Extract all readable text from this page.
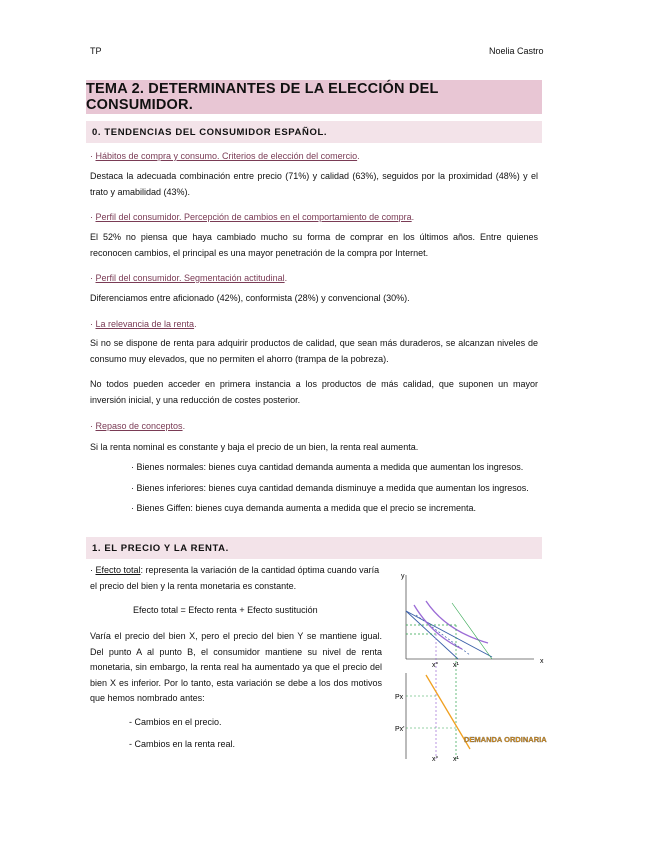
TP	Noelia Castro
TEMA 2. DETERMINANTES DE LA ELECCIÓN DEL CONSUMIDOR.
0. TENDENCIAS DEL CONSUMIDOR ESPAÑOL.
· Hábitos de compra y consumo. Criterios de elección del comercio.
Destaca la adecuada combinación entre precio (71%) y calidad (63%), seguidos por la proximidad (48%) y el trato y amabilidad (43%).
· Perfil del consumidor. Percepción de cambios en el comportamiento de compra.
El 52% no piensa que haya cambiado mucho su forma de comprar en los últimos años. Entre quienes reconocen cambios, el principal es una mayor penetración de la compra por Internet.
· Perfil del consumidor. Segmentación actitudinal.
Diferenciamos entre aficionado (42%), conformista (28%) y convencional (30%).
· La relevancia de la renta.
Si no se dispone de renta para adquirir productos de calidad, que sean más duraderos, se alcanzan niveles de consumo muy elevados, que no permiten el ahorro (trampa de la pobreza).
No todos pueden acceder en primera instancia a los productos de más calidad, que suponen un mayor inversión inicial, y una reducción de costes posterior.
· Repaso de conceptos.
Si la renta nominal es constante y baja el precio de un bien, la renta real aumenta.
· Bienes normales: bienes cuya cantidad demanda aumenta a medida que aumentan los ingresos.
· Bienes inferiores: bienes cuya cantidad demanda disminuye a medida que aumentan los ingresos.
· Bienes Giffen: bienes cuya demanda aumenta a medida que el precio se incrementa.
1. EL PRECIO Y LA RENTA.
· Efecto total: representa la variación de la cantidad óptima cuando varía el precio del bien y la renta monetaria es constante.
Efecto total = Efecto renta + Efecto sustitución
Varía el precio del bien X, pero el precio del bien Y se mantiene igual. Del punto A al punto B, el consumidor mantiene su nivel de renta monetaria, sin embargo, la renta real ha aumentado ya que el precio del bien X es inferior. Por lo tanto, esta variación se debe a los dos motivos que hemos nombrado antes:
- Cambios en el precio.
- Cambios en la renta real.
y
x
x° x¹
Px
Px'
DEMANDA ORDINARIA
x° x¹
